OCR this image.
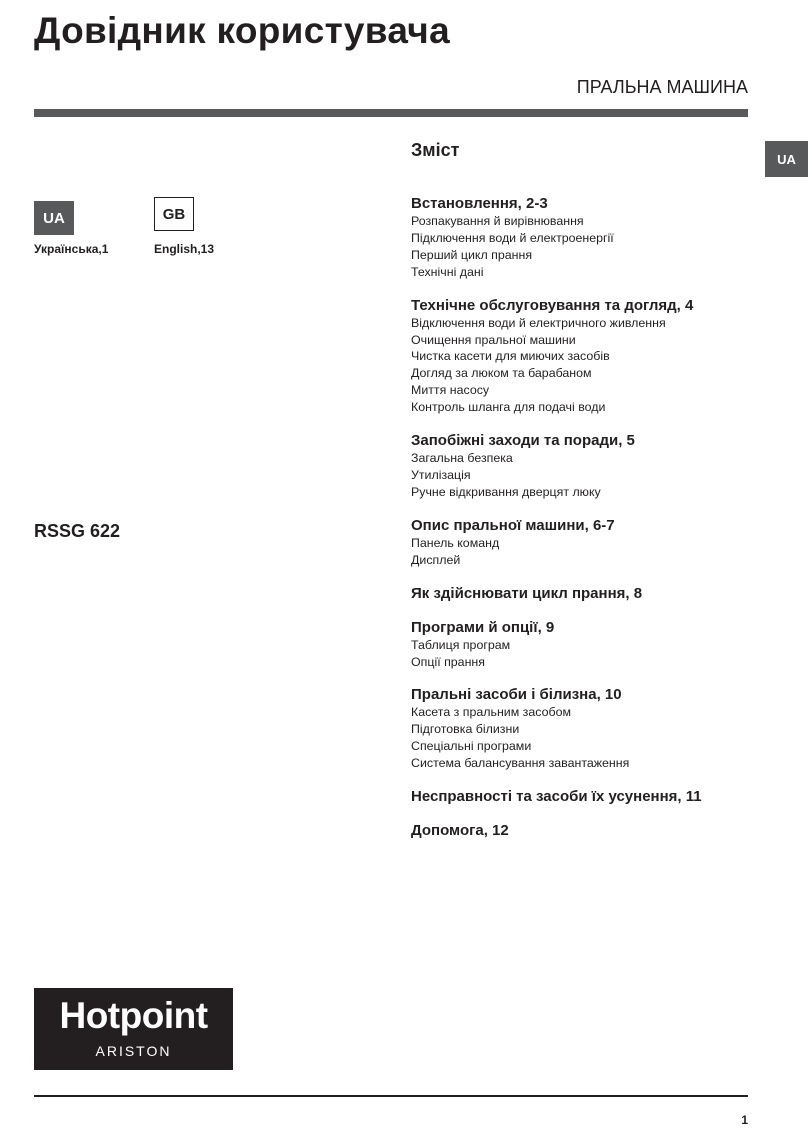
Довідник користувача
ПРАЛЬНА МАШИНА
UA
UA
Українська,1
GB
English,13
RSSG 622
Зміст
Встановлення, 2-3
Розпакування й вирівнювання
Підключення води й електроенергії
Перший цикл прання
Технічні дані
Технічне обслуговування та догляд, 4
Відключення води й електричного живлення
Очищення пральної машини
Чистка касети для миючих засобів
Догляд за люком та барабаном
Миття насосу
Контроль шланга для подачі води
Запобіжні заходи та поради, 5
Загальна безпека
Утилізація
Ручне відкривання дверцят люку
Опис пральної машини, 6-7
Панель команд
Дисплей
Як здійснювати цикл прання, 8
Програми й опції, 9
Таблиця програм
Опції прання
Пральні засоби і білизна, 10
Касета з пральним засобом
Підготовка білизни
Спеціальні програми
Система балансування завантаження
Несправності та засоби їх усунення, 11
Допомога, 12
Hotpoint
ARISTON
1
